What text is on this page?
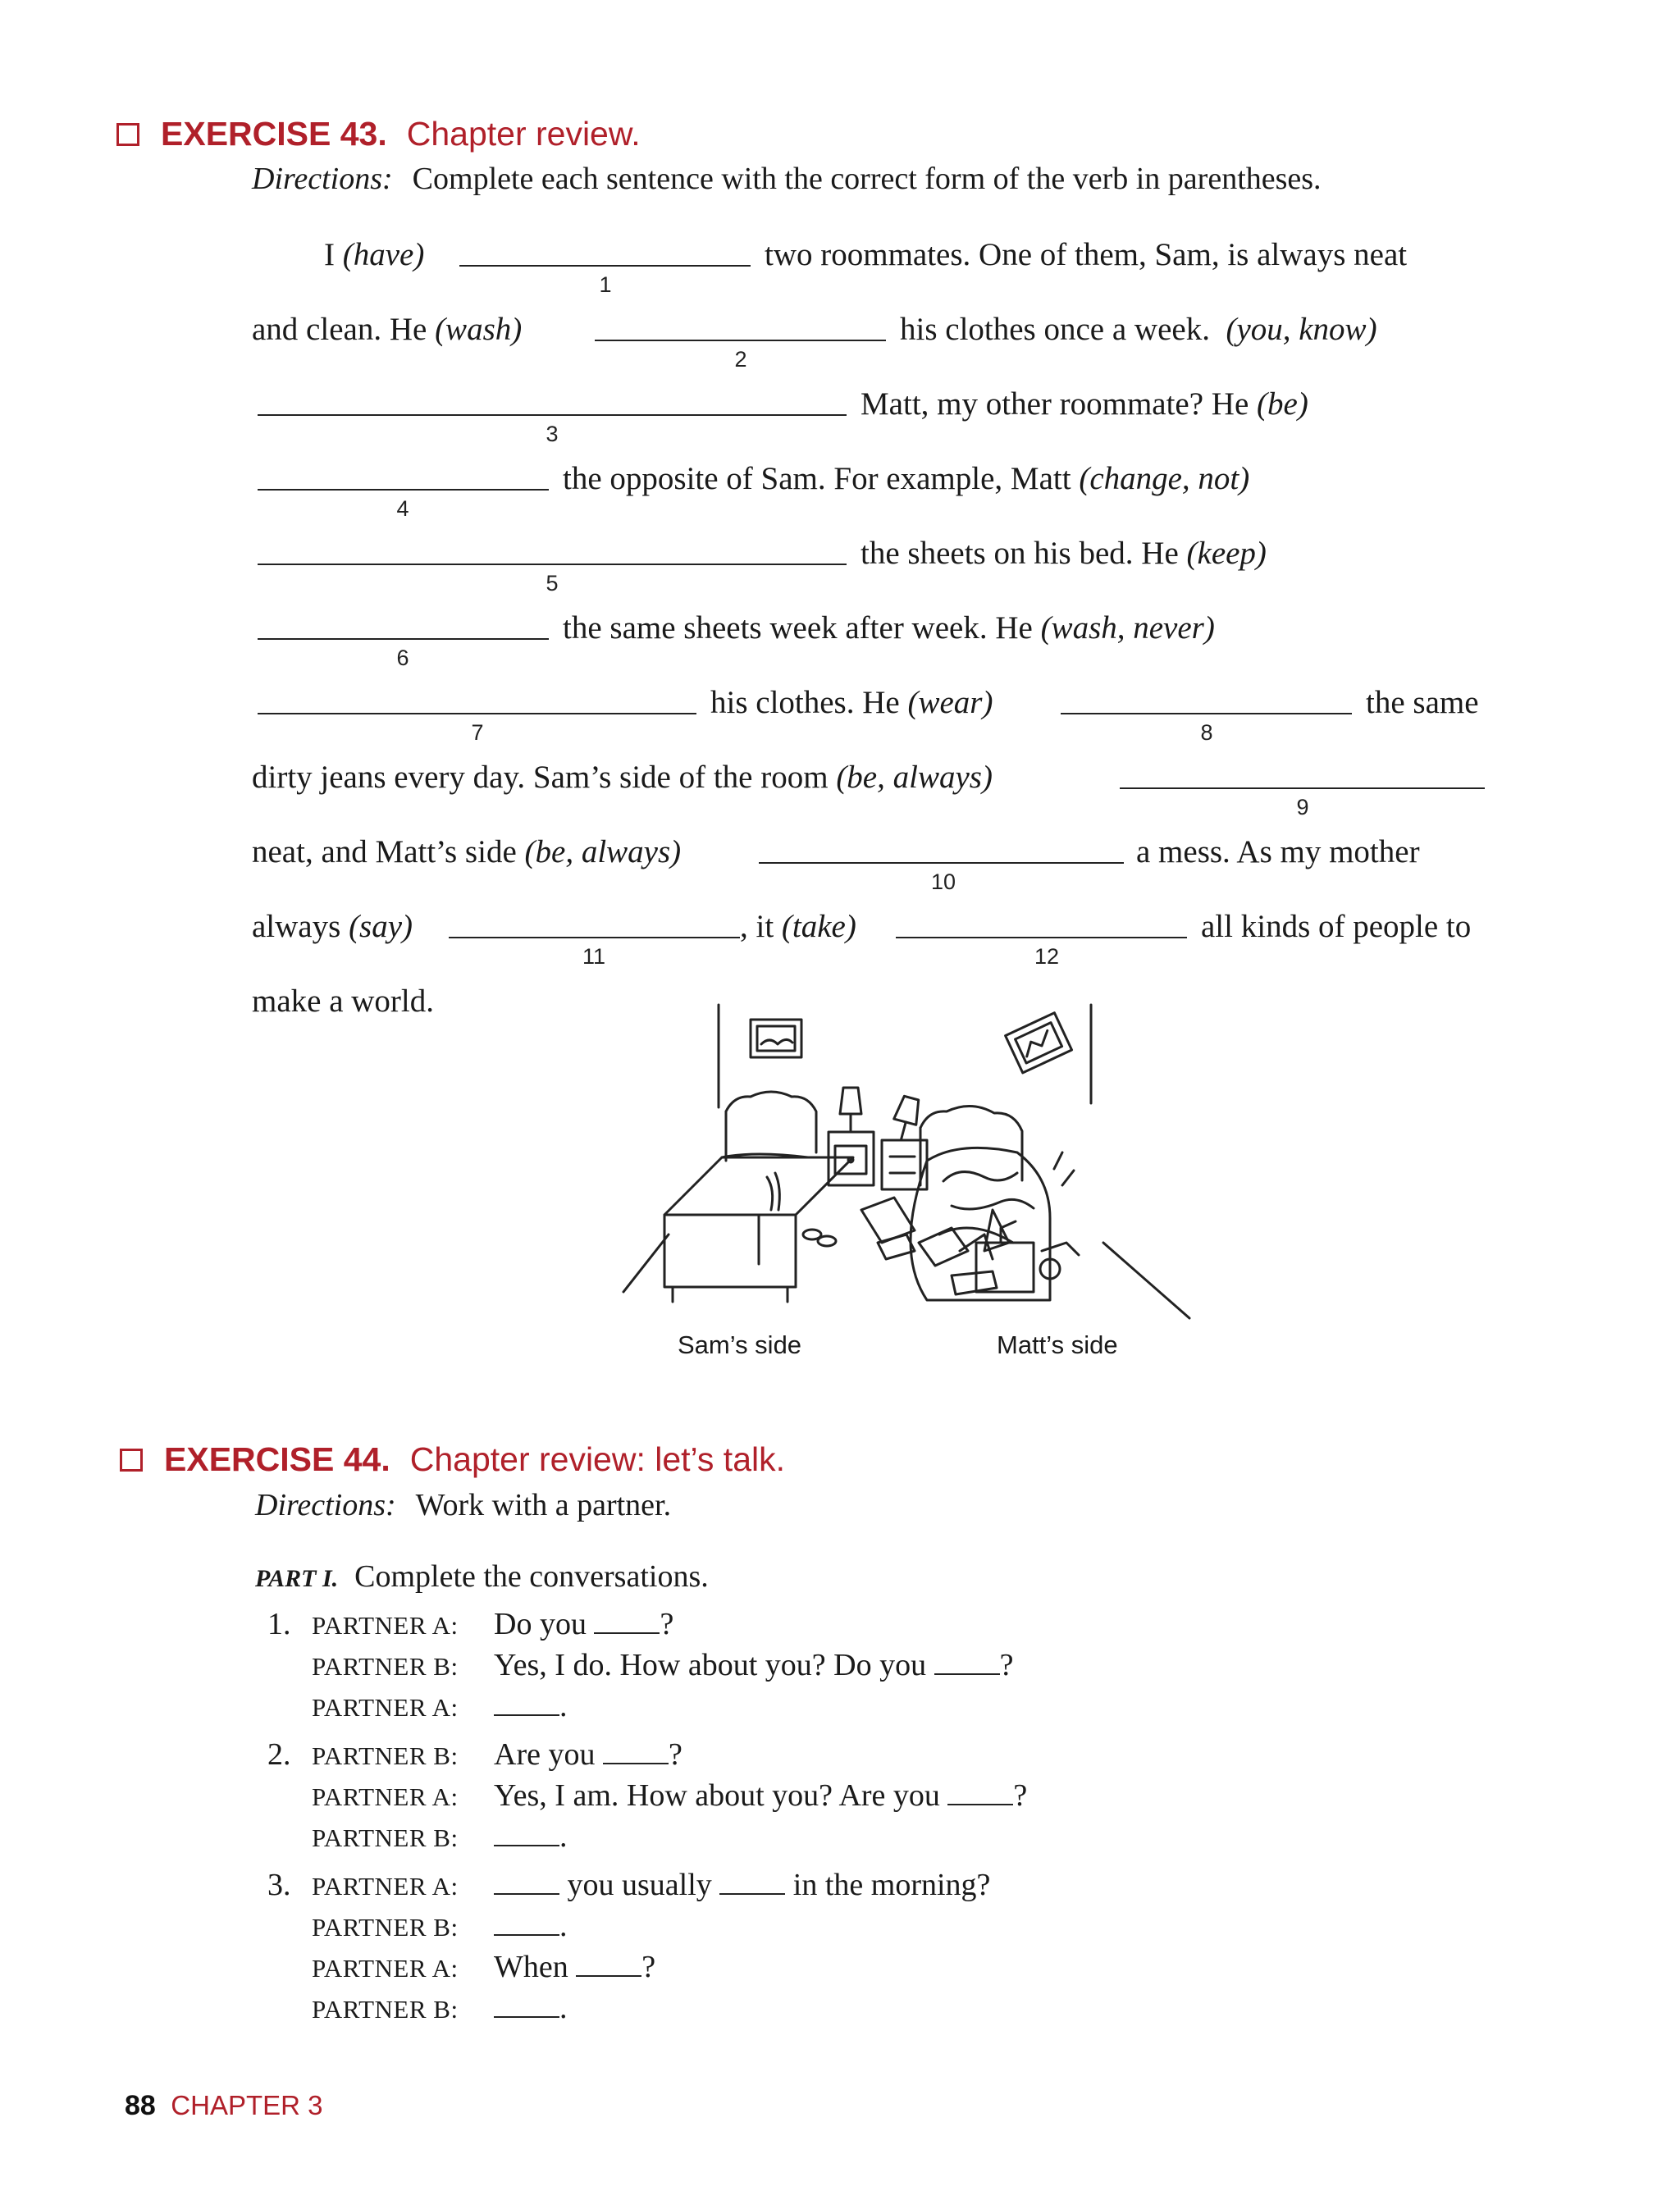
EXERCISE 43. Chapter review.
Directions: Complete each sentence with the correct form of the verb in parentheses.
I (have)
1
two roommates. One of them, Sam, is always neat
and clean. He (wash)
2
his clothes once a week. (you, know)
3
Matt, my other roommate? He (be)
4
the opposite of Sam. For example, Matt (change, not)
5
the sheets on his bed. He (keep)
6
the same sheets week after week. He (wash, never)
7
his clothes. He (wear)
8
the same
dirty jeans every day. Sam’s side of the room (be, always)
9
neat, and Matt’s side (be, always)
10
a mess. As my mother
always (say)
11
, it (take)
12
all kinds of people to
make a world.
Sam’s side	Matt’s side
EXERCISE 44. Chapter review: let’s talk.
Directions: Work with a partner.
PART I. Complete the conversations.
1. PARTNER A: Do you ?
PARTNER B: Yes, I do. How about you? Do you ?
PARTNER A:	.
2. PARTNER B: Are you ?
PARTNER A: Yes, I am. How about you? Are you ?
PARTNER B:	.
3. PARTNER A:	you usually	in the morning?
PARTNER B:	.
PARTNER A: When ?
PARTNER B:	.
88 CHAPTER 3
